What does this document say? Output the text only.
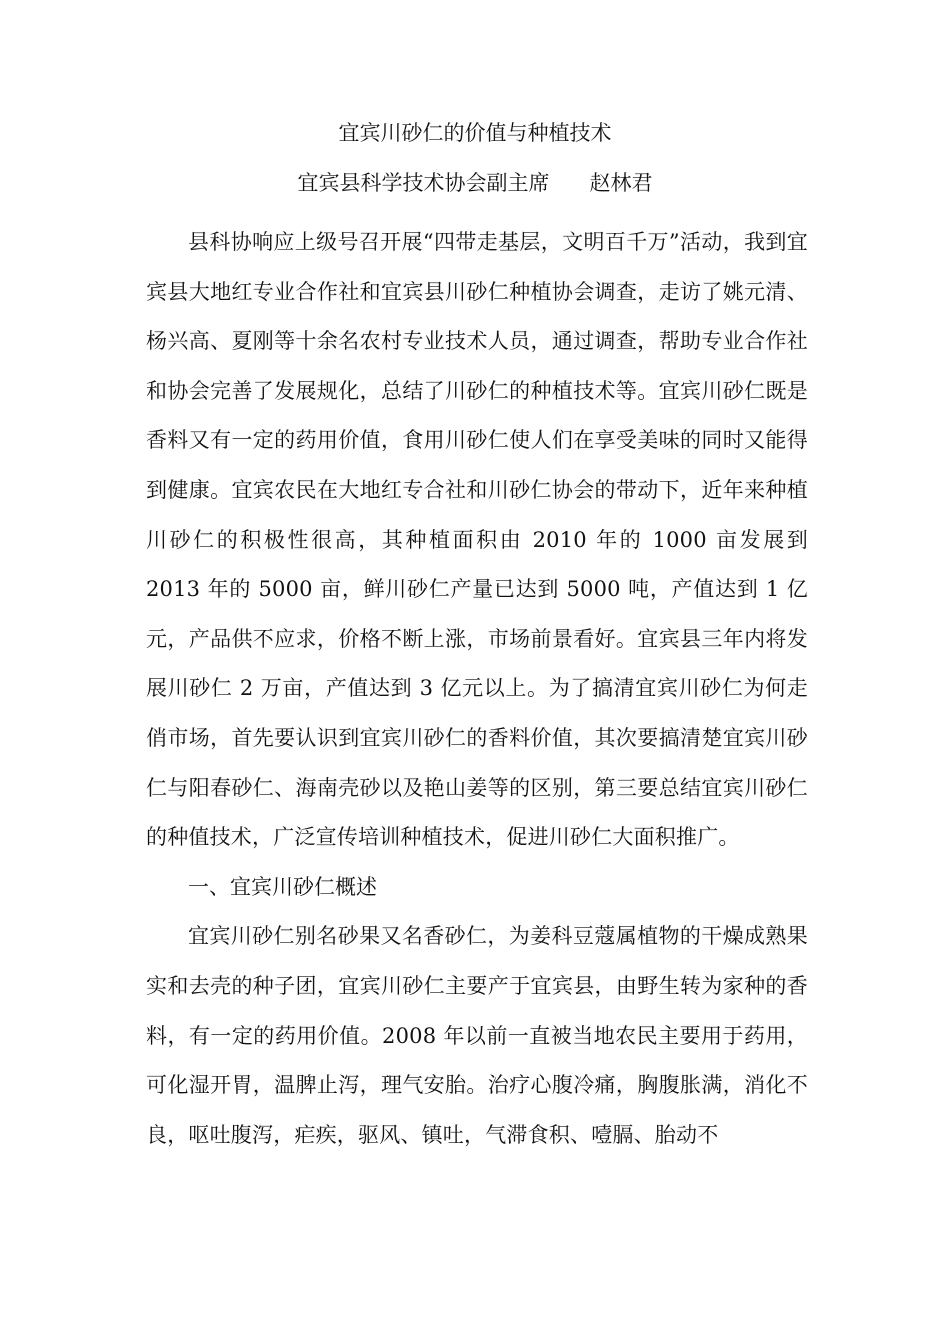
宜宾川砂仁的价值与种植技术
宜宾县科学技术协会副主席 赵林君

县科协响应上级号召开展“四带走基层，文明百千万”活动，我到宜宾县大地红专业合作社和宜宾县川砂仁种植协会调查，走访了姚元清、杨兴高、夏刚等十余名农村专业技术人员，通过调查，帮助专业合作社和协会完善了发展规化，总结了川砂仁的种植技术等。宜宾川砂仁既是香料又有一定的药用价值，食用川砂仁使人们在享受美味的同时又能得到健康。宜宾农民在大地红专合社和川砂仁协会的带动下，近年来种植川砂仁的积极性很高，其种植面积由 2010 年的 1000 亩发展到 2013 年的 5000 亩，鲜川砂仁产量已达到 5000 吨，产值达到 1 亿元，产品供不应求，价格不断上涨，市场前景看好。宜宾县三年内将发展川砂仁 2 万亩，产值达到 3 亿元以上。为了搞清宜宾川砂仁为何走俏市场，首先要认识到宜宾川砂仁的香料价值，其次要搞清楚宜宾川砂仁与阳春砂仁、海南壳砂以及艳山姜等的区别，第三要总结宜宾川砂仁的种值技术，广泛宣传培训种植技术，促进川砂仁大面积推广。

一、宜宾川砂仁概述

宜宾川砂仁别名砂果又名香砂仁，为姜科豆蔻属植物的干燥成熟果实和去壳的种子团，宜宾川砂仁主要产于宜宾县，由野生转为家种的香料，有一定的药用价值。2008 年以前一直被当地农民主要用于药用，可化湿开胃，温脾止泻，理气安胎。治疗心腹冷痛，胸腹胀满，消化不良，呕吐腹泻，疟疾，驱风、镇吐，气滞食积、噎膈、胎动不
